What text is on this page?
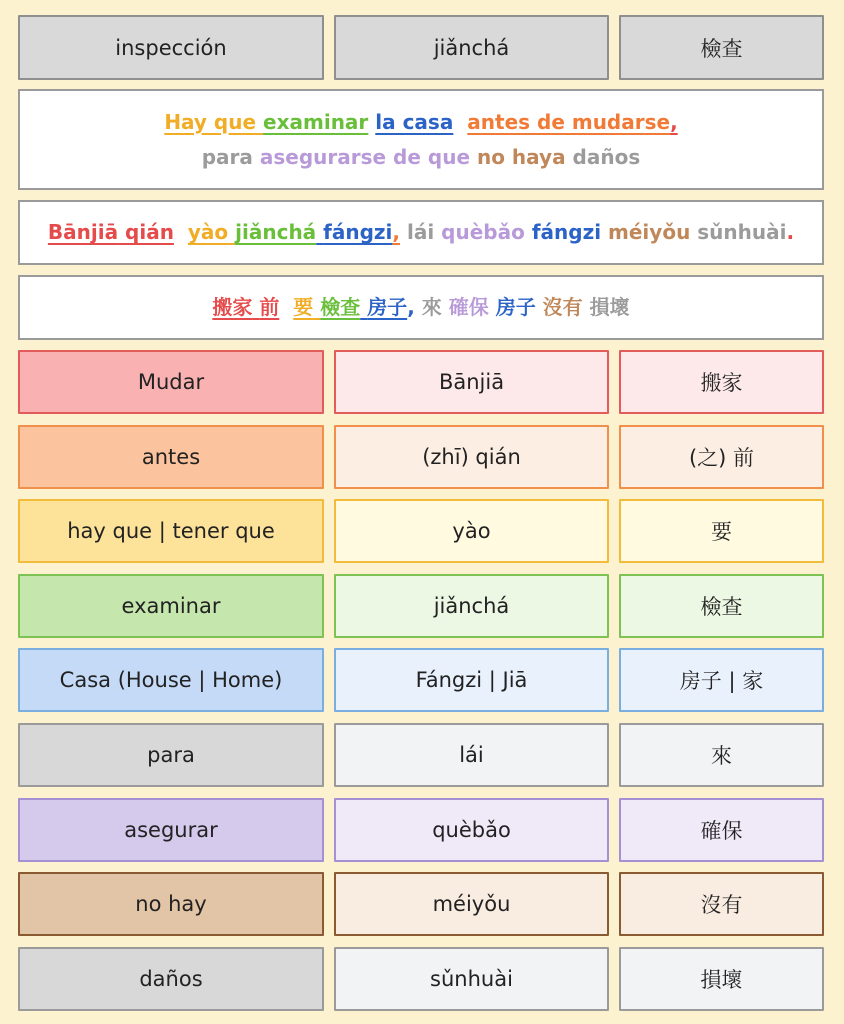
inspección	jiǎnchá	檢查
Hay que examinar la casa antes de mudarse,
para asegurarse de que no haya daños
Bānjiā qián yào jiǎnchá fángzi, lái quèbǎo fángzi méiyǒu sǔnhuài.
搬家 前 要 檢查 房子, 來 確保 房子 沒有 損壞
Mudar	Bānjiā	搬家
antes	(zhī) qián	(之) 前
hay que | tener que	yào	要
examinar	jiǎnchá	檢查
Casa (House | Home)	Fángzi | Jiā	房子 | 家
para	lái	來
asegurar	quèbǎo	確保
no hay	méiyǒu	沒有
daños	sǔnhuài	損壞
